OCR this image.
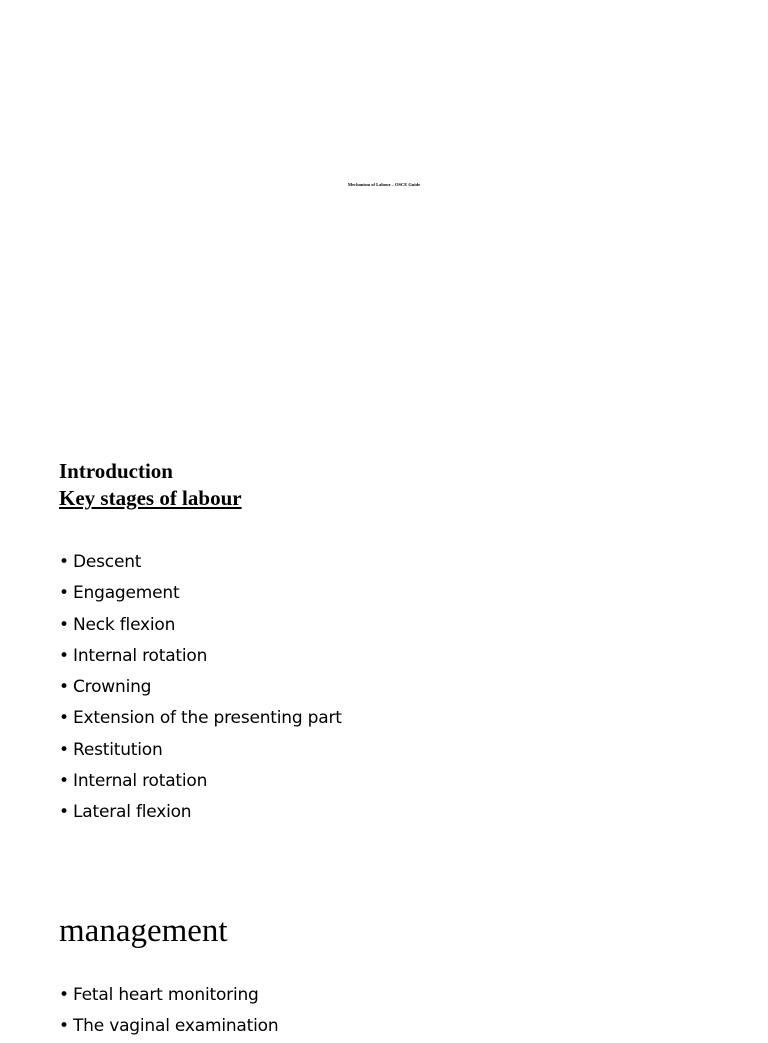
Mechanism of Labour – OSCE Guide
Introduction
Key stages of labour
• Descent
• Engagement
• Neck flexion
• Internal rotation
• Crowning
• Extension of the presenting part
• Restitution
• Internal rotation
• Lateral flexion
management
• Fetal heart monitoring
• The vaginal examination
